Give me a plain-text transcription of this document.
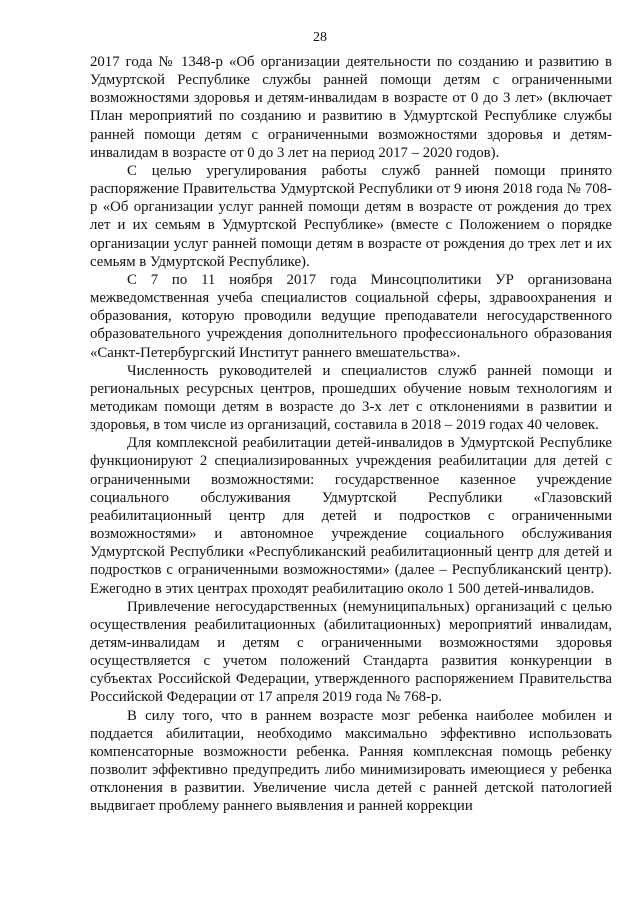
28

2017 года № 1348-р «Об организации деятельности по созданию и развитию в Удмуртской Республике службы ранней помощи детям с ограниченными возможностями здоровья и детям-инвалидам в возрасте от 0 до 3 лет» (включает План мероприятий по созданию и развитию в Удмуртской Республике службы ранней помощи детям с ограниченными возможностями здоровья и детям-инвалидам в возрасте от 0 до 3 лет на период 2017 – 2020 годов).

С целью урегулирования работы служб ранней помощи принято распоряжение Правительства Удмуртской Республики от 9 июня 2018 года № 708-р «Об организации услуг ранней помощи детям в возрасте от рождения до трех лет и их семьям в Удмуртской Республике» (вместе с Положением о порядке организации услуг ранней помощи детям в возрасте от рождения до трех лет и их семьям в Удмуртской Республике).

С 7 по 11 ноября 2017 года Минсоцполитики УР организована межведомственная учеба специалистов социальной сферы, здравоохранения и образования, которую проводили ведущие преподаватели негосударственного образовательного учреждения дополнительного профессионального образования «Санкт-Петербургский Институт раннего вмешательства».

Численность руководителей и специалистов служб ранней помощи и региональных ресурсных центров, прошедших обучение новым технологиям и методикам помощи детям в возрасте до 3-х лет с отклонениями в развитии и здоровья, в том числе из организаций, составила в 2018 – 2019 годах 40 человек.

Для комплексной реабилитации детей-инвалидов в Удмуртской Республике функционируют 2 специализированных учреждения реабилитации для детей с ограниченными возможностями: государственное казенное учреждение социального обслуживания Удмуртской Республики «Глазовский реабилитационный центр для детей и подростков с ограниченными возможностями» и автономное учреждение социального обслуживания Удмуртской Республики «Республиканский реабилитационный центр для детей и подростков с ограниченными возможностями» (далее – Республиканский центр). Ежегодно в этих центрах проходят реабилитацию около 1 500 детей-инвалидов.

Привлечение негосударственных (немуниципальных) организаций с целью осуществления реабилитационных (абилитационных) мероприятий инвалидам, детям-инвалидам и детям с ограниченными возможностями здоровья осуществляется с учетом положений Стандарта развития конкуренции в субъектах Российской Федерации, утвержденного распоряжением Правительства Российской Федерации от 17 апреля 2019 года № 768-р.

В силу того, что в раннем возрасте мозг ребенка наиболее мобилен и поддается абилитации, необходимо максимально эффективно использовать компенсаторные возможности ребенка. Ранняя комплексная помощь ребенку позволит эффективно предупредить либо минимизировать имеющиеся у ребенка отклонения в развитии. Увеличение числа детей с ранней детской патологией выдвигает проблему раннего выявления и ранней коррекции
